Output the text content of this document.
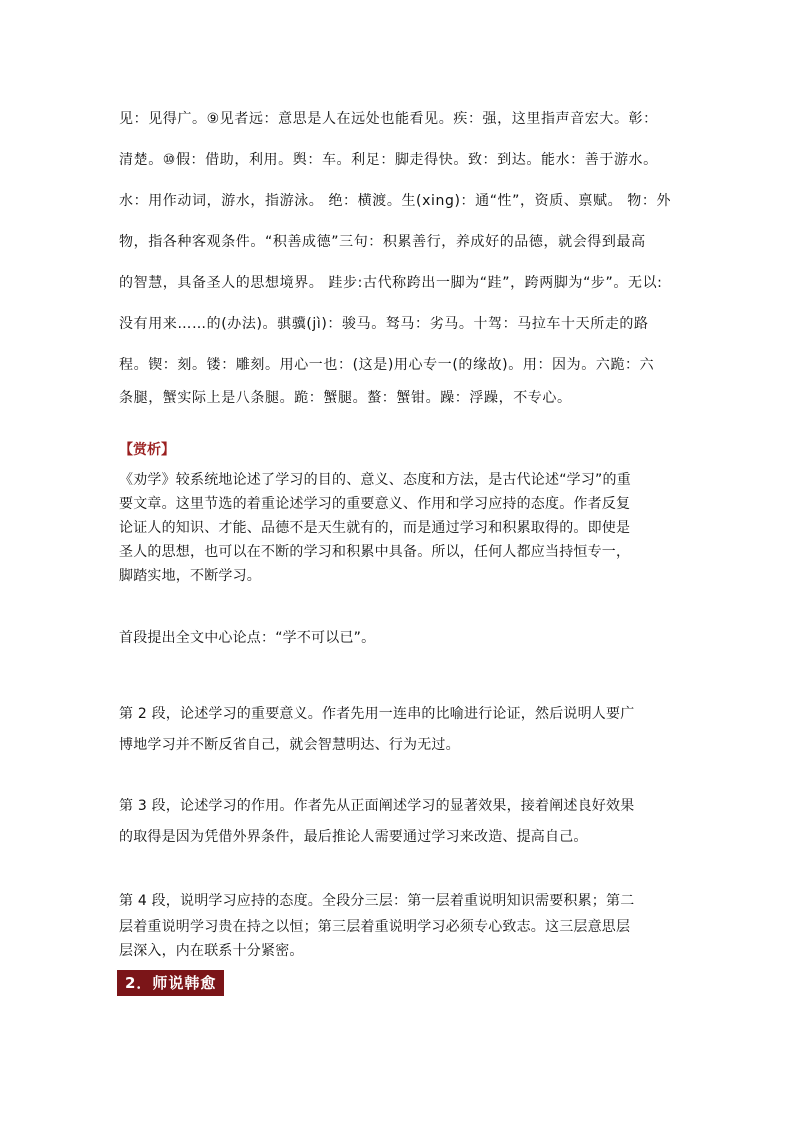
见：见得广。⑨见者远：意思是人在远处也能看见。疾：强，这里指声音宏大。彰：
清楚。⑩假：借助，利用。舆：车。利足：脚走得快。致：到达。能水：善于游水。
水：用作动词，游水，指游泳。 绝：横渡。生(xing)：通“性”，资质、禀赋。 物：外
物，指各种客观条件。“积善成德”三句：积累善行，养成好的品德，就会得到最高
的智慧，具备圣人的思想境界。 跬步:古代称跨出一脚为“跬”，跨两脚为“步”。无以:
没有用来……的(办法)。骐骥(jì)：骏马。驽马：劣马。十驾：马拉车十天所走的路
程。锲：刻。镂：雕刻。用心一也：(这是)用心专一(的缘故)。用：因为。六跪：六
条腿，蟹实际上是八条腿。跪：蟹腿。螯：蟹钳。躁：浮躁，不专心。
【赏析】
《劝学》较系统地论述了学习的目的、意义、态度和方法，是古代论述“学习”的重
要文章。这里节选的着重论述学习的重要意义、作用和学习应持的态度。作者反复
论证人的知识、才能、品德不是天生就有的，而是通过学习和积累取得的。即使是
圣人的思想，也可以在不断的学习和积累中具备。所以，任何人都应当持恒专一，
脚踏实地，不断学习。
首段提出全文中心论点：“学不可以已”。
第 2 段，论述学习的重要意义。作者先用一连串的比喻进行论证，然后说明人要广
博地学习并不断反省自己，就会智慧明达、行为无过。
第 3 段，论述学习的作用。作者先从正面阐述学习的显著效果，接着阐述良好效果
的取得是因为凭借外界条件，最后推论人需要通过学习来改造、提高自己。
第 4 段，说明学习应持的态度。全段分三层：第一层着重说明知识需要积累；第二
层着重说明学习贵在持之以恒；第三层着重说明学习必须专心致志。这三层意思层
层深入，内在联系十分紧密。
2．师说韩愈
